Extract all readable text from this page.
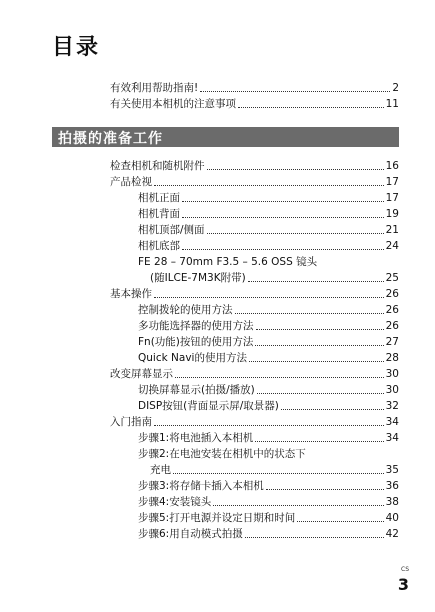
目录
有效利用帮助指南!	2
有关使用本相机的注意事项	11
拍摄的准备工作
检查相机和随机附件	16
产品检视	17
相机正面	17
相机背面	19
相机顶部/侧面	21
相机底部	24
FE 28 – 70mm F3.5 – 5.6 OSS 镜头
(随ILCE-7M3K附带)	25
基本操作	26
控制拨轮的使用方法	26
多功能选择器的使用方法	26
Fn(功能)按钮的使用方法	27
Quick Navi的使用方法	28
改变屏幕显示	30
切换屏幕显示(拍摄/播放)	30
DISP按钮(背面显示屏/取景器)	32
入门指南	34
步骤1:将电池插入本相机	34
步骤2:在电池安装在相机中的状态下
充电	35
步骤3:将存储卡插入本相机	36
步骤4:安装镜头	38
步骤5:打开电源并设定日期和时间	40
步骤6:用自动模式拍摄	42
CS
3
